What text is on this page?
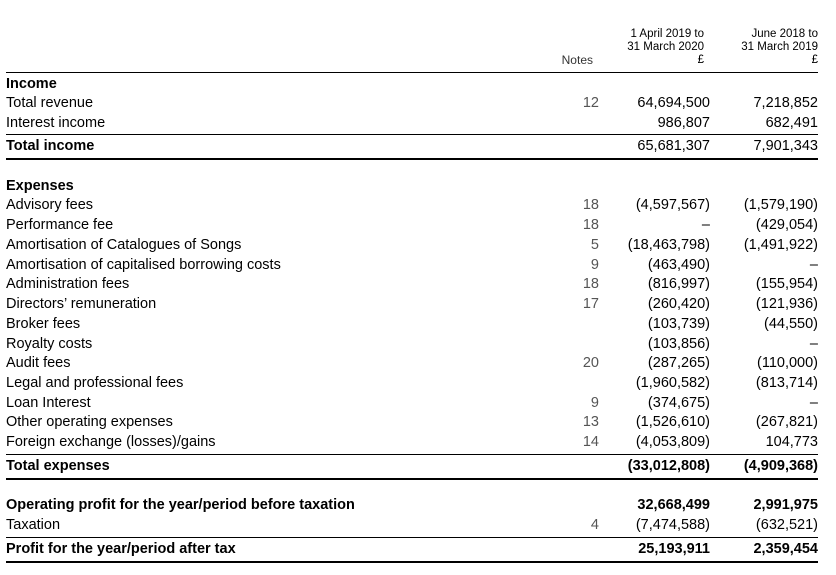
1 April 2019 to
31 March 2020
£
June 2018 to
31 March 2019
£
Notes
Income
Total revenue	12	64,694,500	7,218,852
Interest income	986,807	682,491
Total income	65,681,307	7,901,343
Expenses
Advisory fees	18	(4,597,567) (1,579,190)
Performance fee	18	–	(429,054)
Amortisation of Catalogues of Songs	5 (18,463,798) (1,491,922)
Amortisation of capitalised borrowing costs	9	(463,490)	–
Administration fees	18	(816,997)	(155,954)
Directors’ remuneration	17	(260,420)	(121,936)
Broker fees	(103,739)	(44,550)
Royalty costs	(103,856)	–
Audit fees	20	(287,265)	(110,000)
Legal and professional fees	(1,960,582)	(813,714)
Loan Interest	9	(374,675)	–
Other operating expenses	13	(1,526,610)	(267,821)
Foreign exchange (losses)/gains	14	(4,053,809)	104,773
Total expenses	(33,012,808) (4,909,368)
Operating profit for the year/period before taxation	32,668,499	2,991,975
Taxation	4	(7,474,588)	(632,521)
Profit for the year/period after tax	25,193,911	2,359,454
